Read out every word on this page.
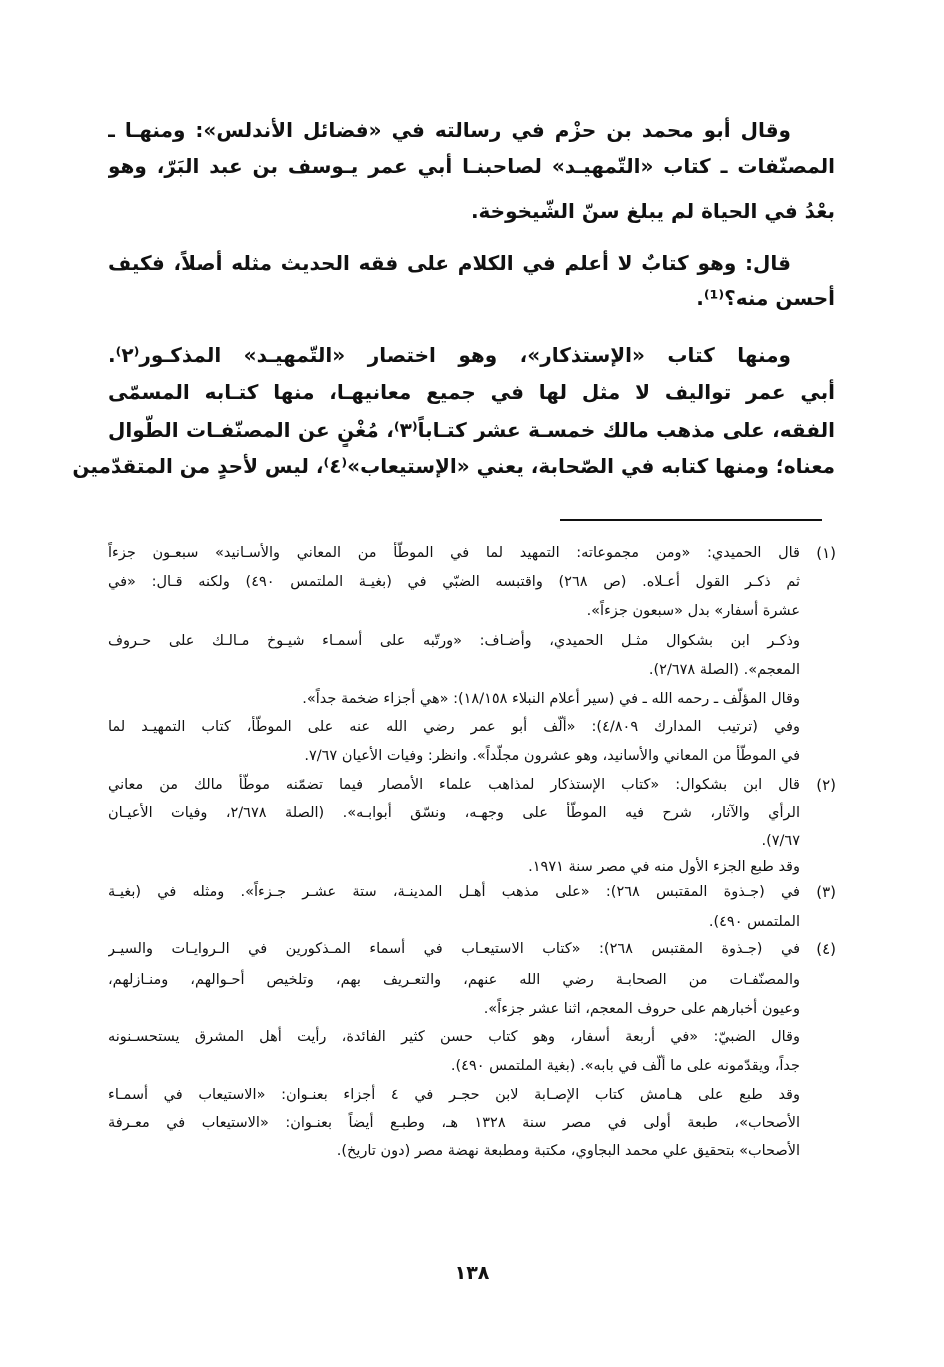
وقال أبو محمد بن حزْم في رسالته في «فضائل الأندلس»: ومنهـا ـ
المصنّفات ـ كتاب «التّمهيـد» لصاحبنـا أبي عمر يـوسف بن عبد البَرّ، وهو
بعْدُ في الحياة لم يبلغ سنّ الشّيخوخة.
قال: وهو كتابٌ لا أعلم في الكلام على فقه الحديث مثله أصلاً، فكيف
أحسن منه؟⁽¹⁾.
ومنها كتاب «الإستذكار»، وهو اختصار «التّمهيـد» المذكـور⁽٢⁾.
أبي عمر تواليف لا مثل لها في جميع معانيهـا، منها كتـابه المسمّى
الفقه، على مذهب مالك خمسـة عشر كتـاباً⁽٣⁾، مُغْنٍ عن المصنّفـات الطّوال
معناه؛ ومنها كتابه في الصّحابة، يعني «الإستيعاب»⁽٤⁾، ليس لأحدٍ من المتقدّمين
(١)
قال الحميدي: «ومن مجموعاته: التمهيد لما في الموطّأ من المعاني والأسـانيد» سبعـون جزءاً
ثم ذكـر القول أعـلاه. (ص ٢٦٨) واقتبسه الضبّي في (بغيـة الملتمس ٤٩٠) ولكنه قـال: «في
عشرة أسفار» بدل «سبعون جزءاً».
وذكـر ابن بشكوال مثـل الحميدي، وأضـاف: «ورتّبه على أسمـاء شيـوخ مـالـك على حـروف
المعجم». (الصلة ٢/٦٧٨).
وقال المؤلّف ـ رحمه الله ـ في (سير أعلام النبلاء ١٨/١٥٨): «هي أجزاء ضخمة جداً».
وفي (ترتيب المدارك ٤/٨٠٩): «ألّف أبو عمر رضي الله عنه على الموطّأ، كتاب التمهيـد لما
في الموطّأ من المعاني والأسانيد، وهو عشرون مجلّداً». وانظر: وفيات الأعيان ٧/٦٧.
(٢)
قال ابن بشكوال: «كتاب الإستذكار لمذاهب علماء الأمصار فيما تضمّنه موطّأ مالك من معاني
الرأي والآثار، شرح فيه الموطّأ على وجهـه، ونسّق أبوابـه». (الصلة ٢/٦٧٨، وفيات الأعيـان
٧/٦٧).
وقد طبع الجزء الأول منه في مصر سنة ١٩٧١.
(٣)
في (جـذوة المقتبس ٢٦٨): «على مذهب أهـل المدينـة، ستة عشـر جـزءاً». ومثله في (بغيـة
الملتمس ٤٩٠).
(٤)
في (جـذوة المقتبس ٢٦٨): «كتاب الاستيعـاب في أسماء المـذكورين في الـروايـات والسيـر
والمصنّفـات من الصحابـة رضي الله عنهم، والتعـريف بهم، وتلخيص أحـوالهم، ومنـازلهم،
وعيون أخبارهم على حروف المعجم، اثنا عشر جزءاً».
وقال الضبيّ: «في أربعة أسفار، وهو كتاب حسن كثير الفائدة، رأيت أهل المشرق يستحسـنونه
جداً، ويقدّمونه على ما ألّف في بابه». (بغية الملتمس ٤٩٠).
وقد طبع على هـامش كتاب الإصـابة لابن حجـر في ٤ أجزاء بعنـوان: «الاستيعاب في أسمـاء
الأصحاب»، طبعة أولى في مصر سنة ١٣٢٨ هـ، وطبـع أيضاً بعنـوان: «الاستيعاب في معـرفة
الأصحاب» بتحقيق علي محمد البجاوي، مكتبة ومطبعة نهضة مصر (دون تاريخ).
١٣٨
